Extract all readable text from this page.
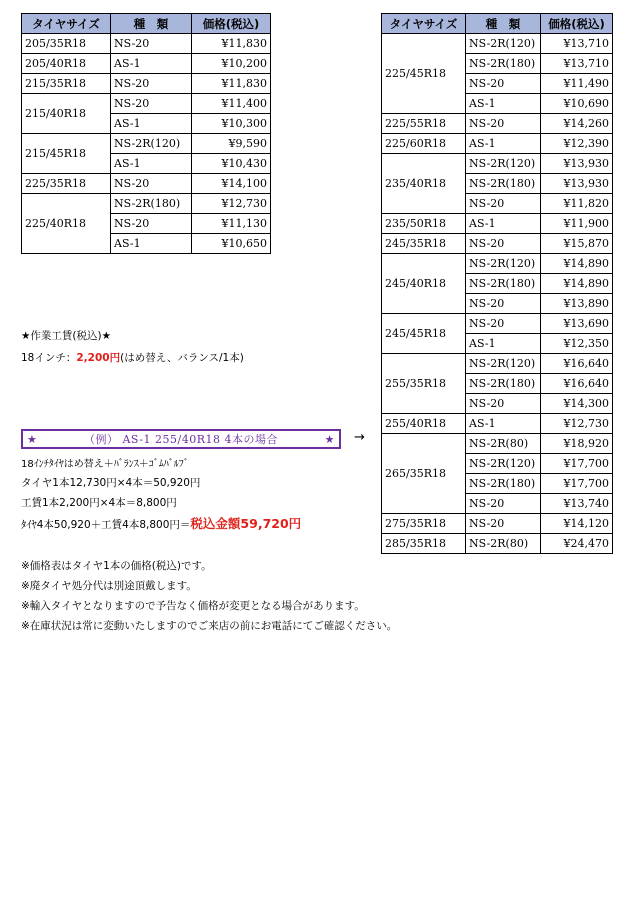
タイヤサイズ	種　類	価格(税込)
205/35R18	NS-20	¥11,830
205/40R18	AS-1	¥10,200
215/35R18	NS-20	¥11,830
215/40R18	NS-20	¥11,400
	AS-1	¥10,300
215/45R18	NS-2R(120)	¥9,590
	AS-1	¥10,430
225/35R18	NS-20	¥14,100
225/40R18	NS-2R(180)	¥12,730
	NS-20	¥11,130
	AS-1	¥10,650
タイヤサイズ	種　類	価格(税込)
225/45R18	NS-2R(120)	¥13,710
	NS-2R(180)	¥13,710
	NS-20	¥11,490
	AS-1	¥10,690
225/55R18	NS-20	¥14,260
225/60R18	AS-1	¥12,390
235/40R18	NS-2R(120)	¥13,930
	NS-2R(180)	¥13,930
	NS-20	¥11,820
235/50R18	AS-1	¥11,900
245/35R18	NS-20	¥15,870
245/40R18	NS-2R(120)	¥14,890
	NS-2R(180)	¥14,890
	NS-20	¥13,890
245/45R18	NS-20	¥13,690
	AS-1	¥12,350
255/35R18	NS-2R(120)	¥16,640
	NS-2R(180)	¥16,640
	NS-20	¥14,300
255/40R18	AS-1	¥12,730
265/35R18	NS-2R(80)	¥18,920
	NS-2R(120)	¥17,700
	NS-2R(180)	¥17,700
	NS-20	¥13,740
275/35R18	NS-20	¥14,120
285/35R18	NS-2R(80)	¥24,470
★作業工賃(税込)★
18インチ：2,200円(はめ替え、バランス/1本)
★	（例） AS-1 255/40R18 4本の場合	★ →
18ｲﾝﾁﾀｲﾔはめ替え＋ﾊﾞﾗﾝｽ＋ｺﾞﾑﾊﾞﾙﾌﾞ
タイヤ1本12,730円×4本＝50,920円
工賃1本2,200円×4本＝8,800円
ﾀｲﾔ4本50,920＋工賃4本8,800円＝税込金額59,720円
※価格表はタイヤ1本の価格(税込)です。
※廃タイヤ処分代は別途頂戴します。
※輸入タイヤとなりますので予告なく価格が変更となる場合があります。
※在庫状況は常に変動いたしますのでご来店の前にお電話にてご確認ください。
